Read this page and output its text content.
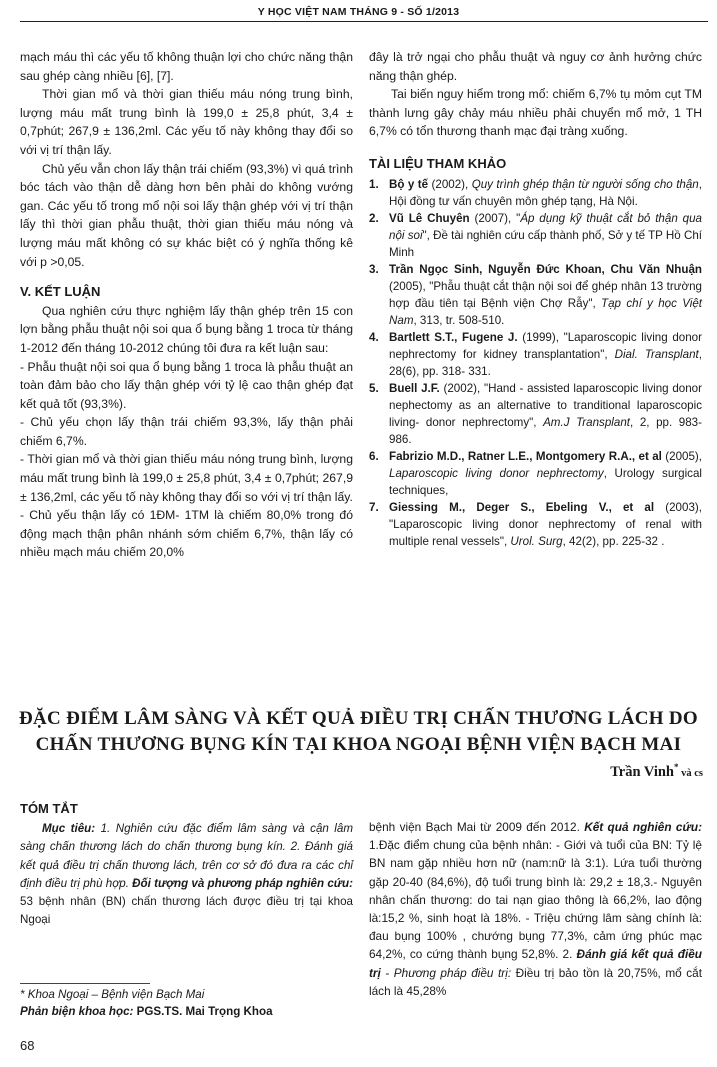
Y HỌC VIỆT NAM THÁNG 9 - SỐ 1/2013

mạch máu thì các yếu tố không thuận lợi cho chức năng thận sau ghép càng nhiều [6], [7].

Thời gian mổ và thời gian thiếu máu nóng trung bình, lượng máu mất trung bình là 199,0 ± 25,8 phút, 3,4 ± 0,7phút; 267,9 ± 136,2ml. Các yếu tố này không thay đổi so với vị trí thận lấy.

Chủ yếu vẫn chon lấy thận trái chiếm (93,3%) vì quá trình bóc tách vào thận dễ dàng hơn bên phải do không vướng gan. Các yếu tố trong mổ nội soi lấy thận ghép với vị trí thận lấy thì thời gian phẫu thuật, thời gian thiếu máu nóng và lượng máu mất không có sự khác biệt có ý nghĩa thống kê với p >0,05.

V. KẾT LUẬN

Qua nghiên cứu thực nghiệm lấy thận ghép trên 15 con lợn bằng phẫu thuật nội soi qua ổ bụng bằng 1 troca từ tháng 1-2012 đến tháng 10-2012 chúng tôi đưa ra kết luận sau:

- Phẫu thuật nội soi qua ổ bụng bằng 1 troca là phẫu thuật an toàn đảm bảo cho lấy thận ghép với tỷ lệ cao thận ghép đạt kết quả tốt (93,3%).

- Chủ yếu chọn lấy thận trái chiếm 93,3%, lấy thận phải chiếm 6,7%.

- Thời gian mổ và thời gian thiếu máu nóng trung bình, lượng máu mất trung bình là 199,0 ± 25,8 phút, 3,4 ± 0,7phút; 267,9 ± 136,2ml, các yếu tố này không thay đổi so với vị trí thận lấy.

- Chủ yếu thận lấy có 1ĐM- 1TM là chiếm 80,0% trong đó động mạch thận phân nhánh sớm chiếm 6,7%, thận lấy có nhiều mạch máu chiếm 20,0%

đây là trở ngại cho phẫu thuật và nguy cơ ảnh hưởng chức năng thận ghép.

Tai biến nguy hiểm trong mổ: chiếm 6,7% tụ mỏm cụt TM thành lưng gây chảy máu nhiều phải chuyển mổ mở, 1 TH 6,7% có tổn thương thanh mạc đại tràng xuống.

TÀI LIỆU THAM KHẢO

1. Bộ y tế (2002), Quy trình ghép thận từ người sống cho thận, Hội đồng tư vấn chuyên môn ghép tạng, Hà Nội.

2. Vũ Lê Chuyên (2007), "Áp dụng kỹ thuật cắt bỏ thận qua nội soi", Đề tài nghiên cứu cấp thành phố, Sở y tế TP Hồ Chí Minh

3. Trần Ngọc Sinh, Nguyễn Đức Khoan, Chu Văn Nhuận (2005), "Phẫu thuật cắt thận nội soi để ghép nhân 13 trường hợp đầu tiên tại Bệnh viện Chợ Rẫy", Tạp chí y học Việt Nam, 313, tr. 508-510.

4. Bartlett S.T., Fugene J. (1999), "Laparoscopic living donor nephrectomy for kidney transplantation", Dial. Transplant, 28(6), pp. 318- 331.

5. Buell J.F. (2002), "Hand - assisted laparoscopic living donor nephectomy as an alternative to tranditional laparoscopic living- donor nephrectomy", Am.J Transplant, 2, pp. 983- 986.

6. Fabrizio M.D., Ratner L.E., Montgomery R.A., et al (2005), Laparoscopic living donor nephrectomy, Urology surgical techniques,

7. Giessing M., Deger S., Ebeling V., et al (2003), "Laparoscopic living donor nephrectomy of renal with multiple renal vessels", Urol. Surg, 42(2), pp. 225-32 .

ĐẶC ĐIỂM LÂM SÀNG VÀ KẾT QUẢ ĐIỀU TRỊ CHẤN THƯƠNG LÁCH DO
CHẤN THƯƠNG BỤNG KÍN TẠI KHOA NGOẠI BỆNH VIỆN BẠCH MAI
Trần Vinh* và cs

TÓM TẮT

Mục tiêu: 1. Nghiên cứu đặc điểm lâm sàng và cận lâm sàng chấn thương lách do chấn thương bụng kín. 2. Đánh giá kết quả điều trị chấn thương lách, trên cơ sở đó đưa ra các chỉ định điều trị phù hợp. Đối tượng và phương pháp nghiên cứu: 53 bệnh nhân (BN) chấn thương lách được điều trị tại khoa Ngoại

* Khoa Ngoại – Bệnh viện Bạch Mai

Phản biện khoa học: PGS.TS. Mai Trọng Khoa

bệnh viện Bạch Mai từ 2009 đến 2012. Kết quả nghiên cứu: 1.Đặc điểm chung của bệnh nhân: - Giới và tuổi của BN: Tỷ lệ BN nam gặp nhiều hơn nữ (nam:nữ là 3:1). Lứa tuổi thường gặp 20-40 (84,6%), độ tuổi trung bình là: 29,2 ± 18,3.- Nguyên nhân chấn thương: do tai nạn giao thông là 66,2%, lao động là:15,2 %, sinh hoạt là 18%. - Triệu chứng lâm sàng chính là: đau bụng 100% , chướng bụng 77,3%, cảm ứng phúc mạc 64,2%, co cứng thành bụng 52,8%. 2. Đánh giá kết quả điều trị - Phương pháp điều trị: Điều trị bảo tồn là 20,75%, mổ cắt lách là 45,28%

68
